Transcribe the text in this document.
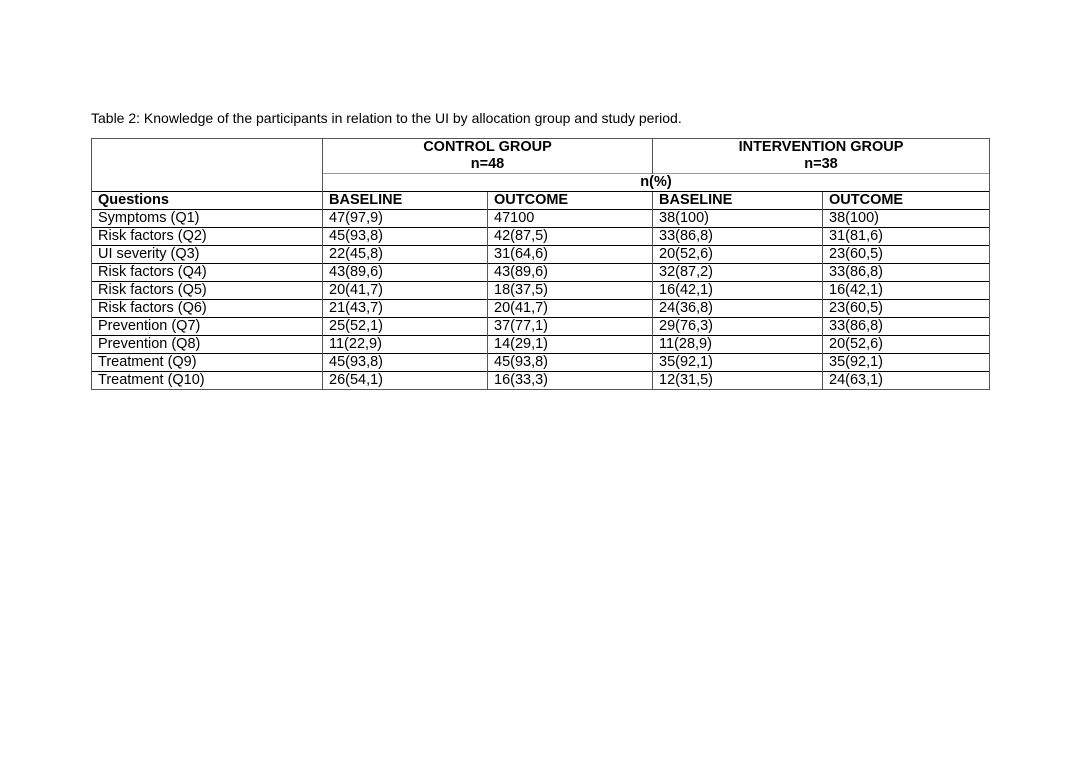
Table 2: Knowledge of the participants in relation to the UI by allocation group and study period.
	CONTROL GROUP		INTERVENTION GROUP	
	n=48		n=38	
	n(%)			
Questions	BASELINE	OUTCOME	BASELINE	OUTCOME
Symptoms (Q1)	47(97,9)	47100	38(100)	38(100)
Risk factors (Q2)	45(93,8)	42(87,5)	33(86,8)	31(81,6)
UI severity (Q3)	22(45,8)	31(64,6)	20(52,6)	23(60,5)
Risk factors (Q4)	43(89,6)	43(89,6)	32(87,2)	33(86,8)
Risk factors (Q5)	20(41,7)	18(37,5)	16(42,1)	16(42,1)
Risk factors (Q6)	21(43,7)	20(41,7)	24(36,8)	23(60,5)
Prevention (Q7)	25(52,1)	37(77,1)	29(76,3)	33(86,8)
Prevention (Q8)	11(22,9)	14(29,1)	11(28,9)	20(52,6)
Treatment (Q9)	45(93,8)	45(93,8)	35(92,1)	35(92,1)
Treatment (Q10)	26(54,1)	16(33,3)	12(31,5)	24(63,1)
